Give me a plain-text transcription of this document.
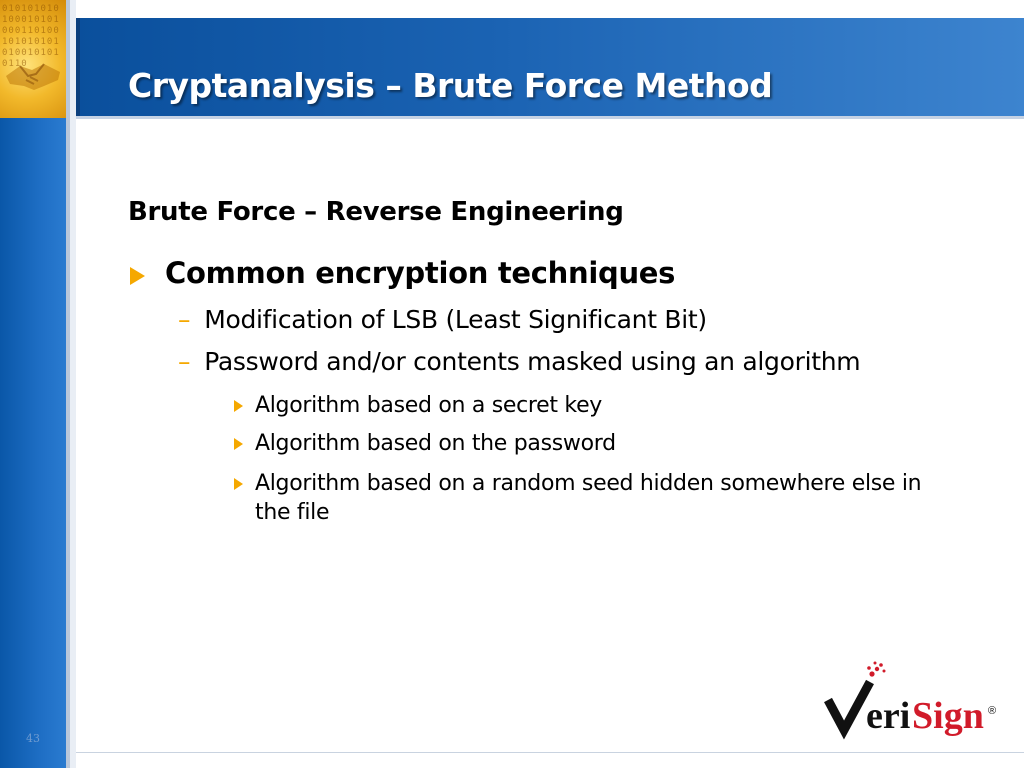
0101010101000101010001101001010101010100101010110
Cryptanalysis – Brute Force Method
Brute Force – Reverse Engineering
Common encryption techniques
– Modification of LSB (Least Significant Bit)
– Password and/or contents masked using an algorithm
Algorithm based on a secret key
Algorithm based on the password
Algorithm based on a random seed hidden somewhere else in the file
eri Sign ®
43
